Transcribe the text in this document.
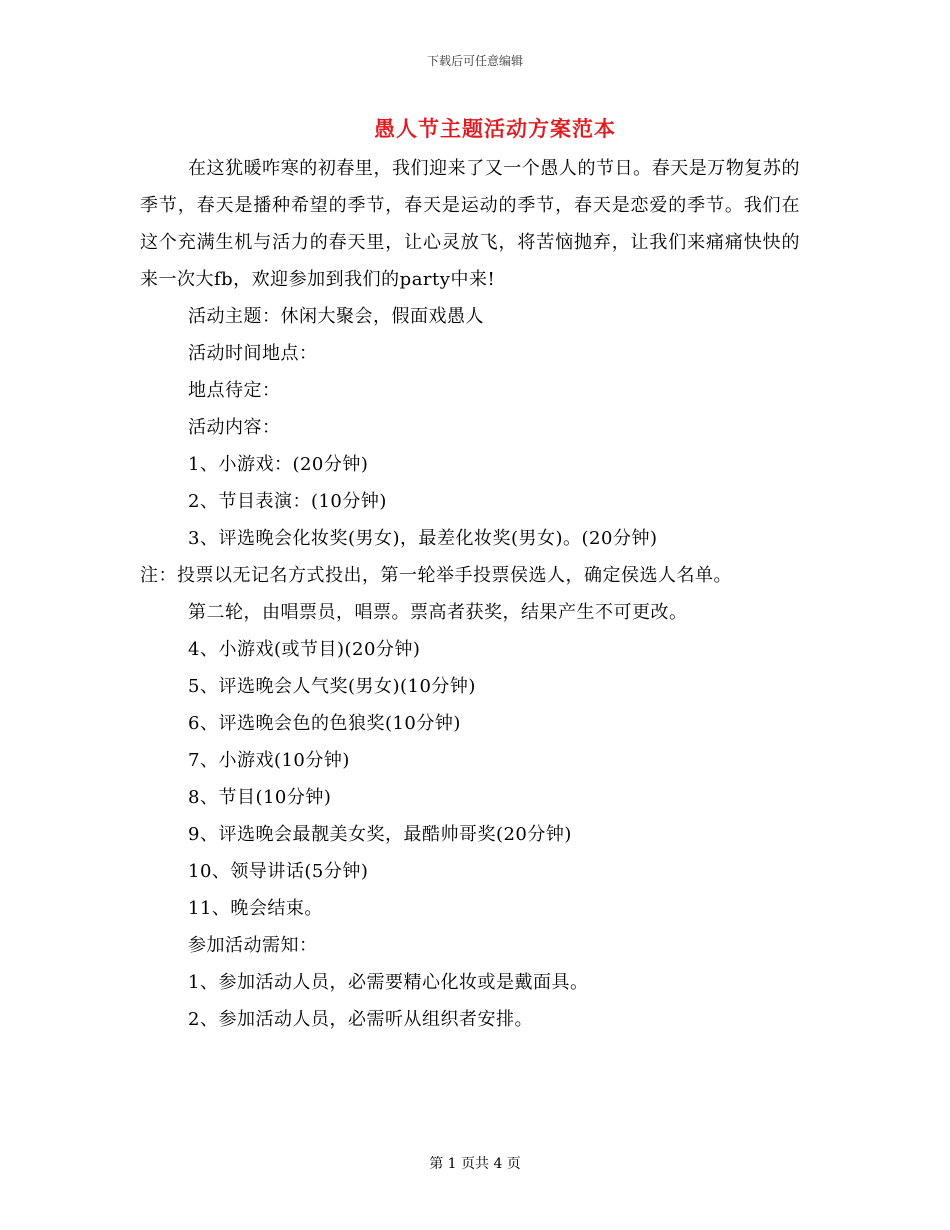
下载后可任意编辑
愚人节主题活动方案范本

在这犹暖咋寒的初春里，我们迎来了又一个愚人的节日。春天是万物复苏的季节，春天是播种希望的季节，春天是运动的季节，春天是恋爱的季节。我们在这个充满生机与活力的春天里，让心灵放飞，将苦恼抛弃，让我们来痛痛快快的来一次大fb，欢迎参加到我们的party中来!

活动主题：休闲大聚会，假面戏愚人

活动时间地点：

地点待定：

活动内容：

1、小游戏：(20分钟)

2、节目表演：(10分钟)

3、评选晚会化妆奖(男女)，最差化妆奖(男女)。(20分钟)

注：投票以无记名方式投出，第一轮举手投票侯选人，确定侯选人名单。

第二轮，由唱票员，唱票。票高者获奖，结果产生不可更改。

4、小游戏(或节目)(20分钟)

5、评选晚会人气奖(男女)(10分钟)

6、评选晚会色的色狼奖(10分钟)

7、小游戏(10分钟)

8、节目(10分钟)

9、评选晚会最靓美女奖，最酷帅哥奖(20分钟)

10、领导讲话(5分钟)

11、晚会结束。

参加活动需知：

1、参加活动人员，必需要精心化妆或是戴面具。

2、参加活动人员，必需听从组织者安排。

第 1 页共 4 页
